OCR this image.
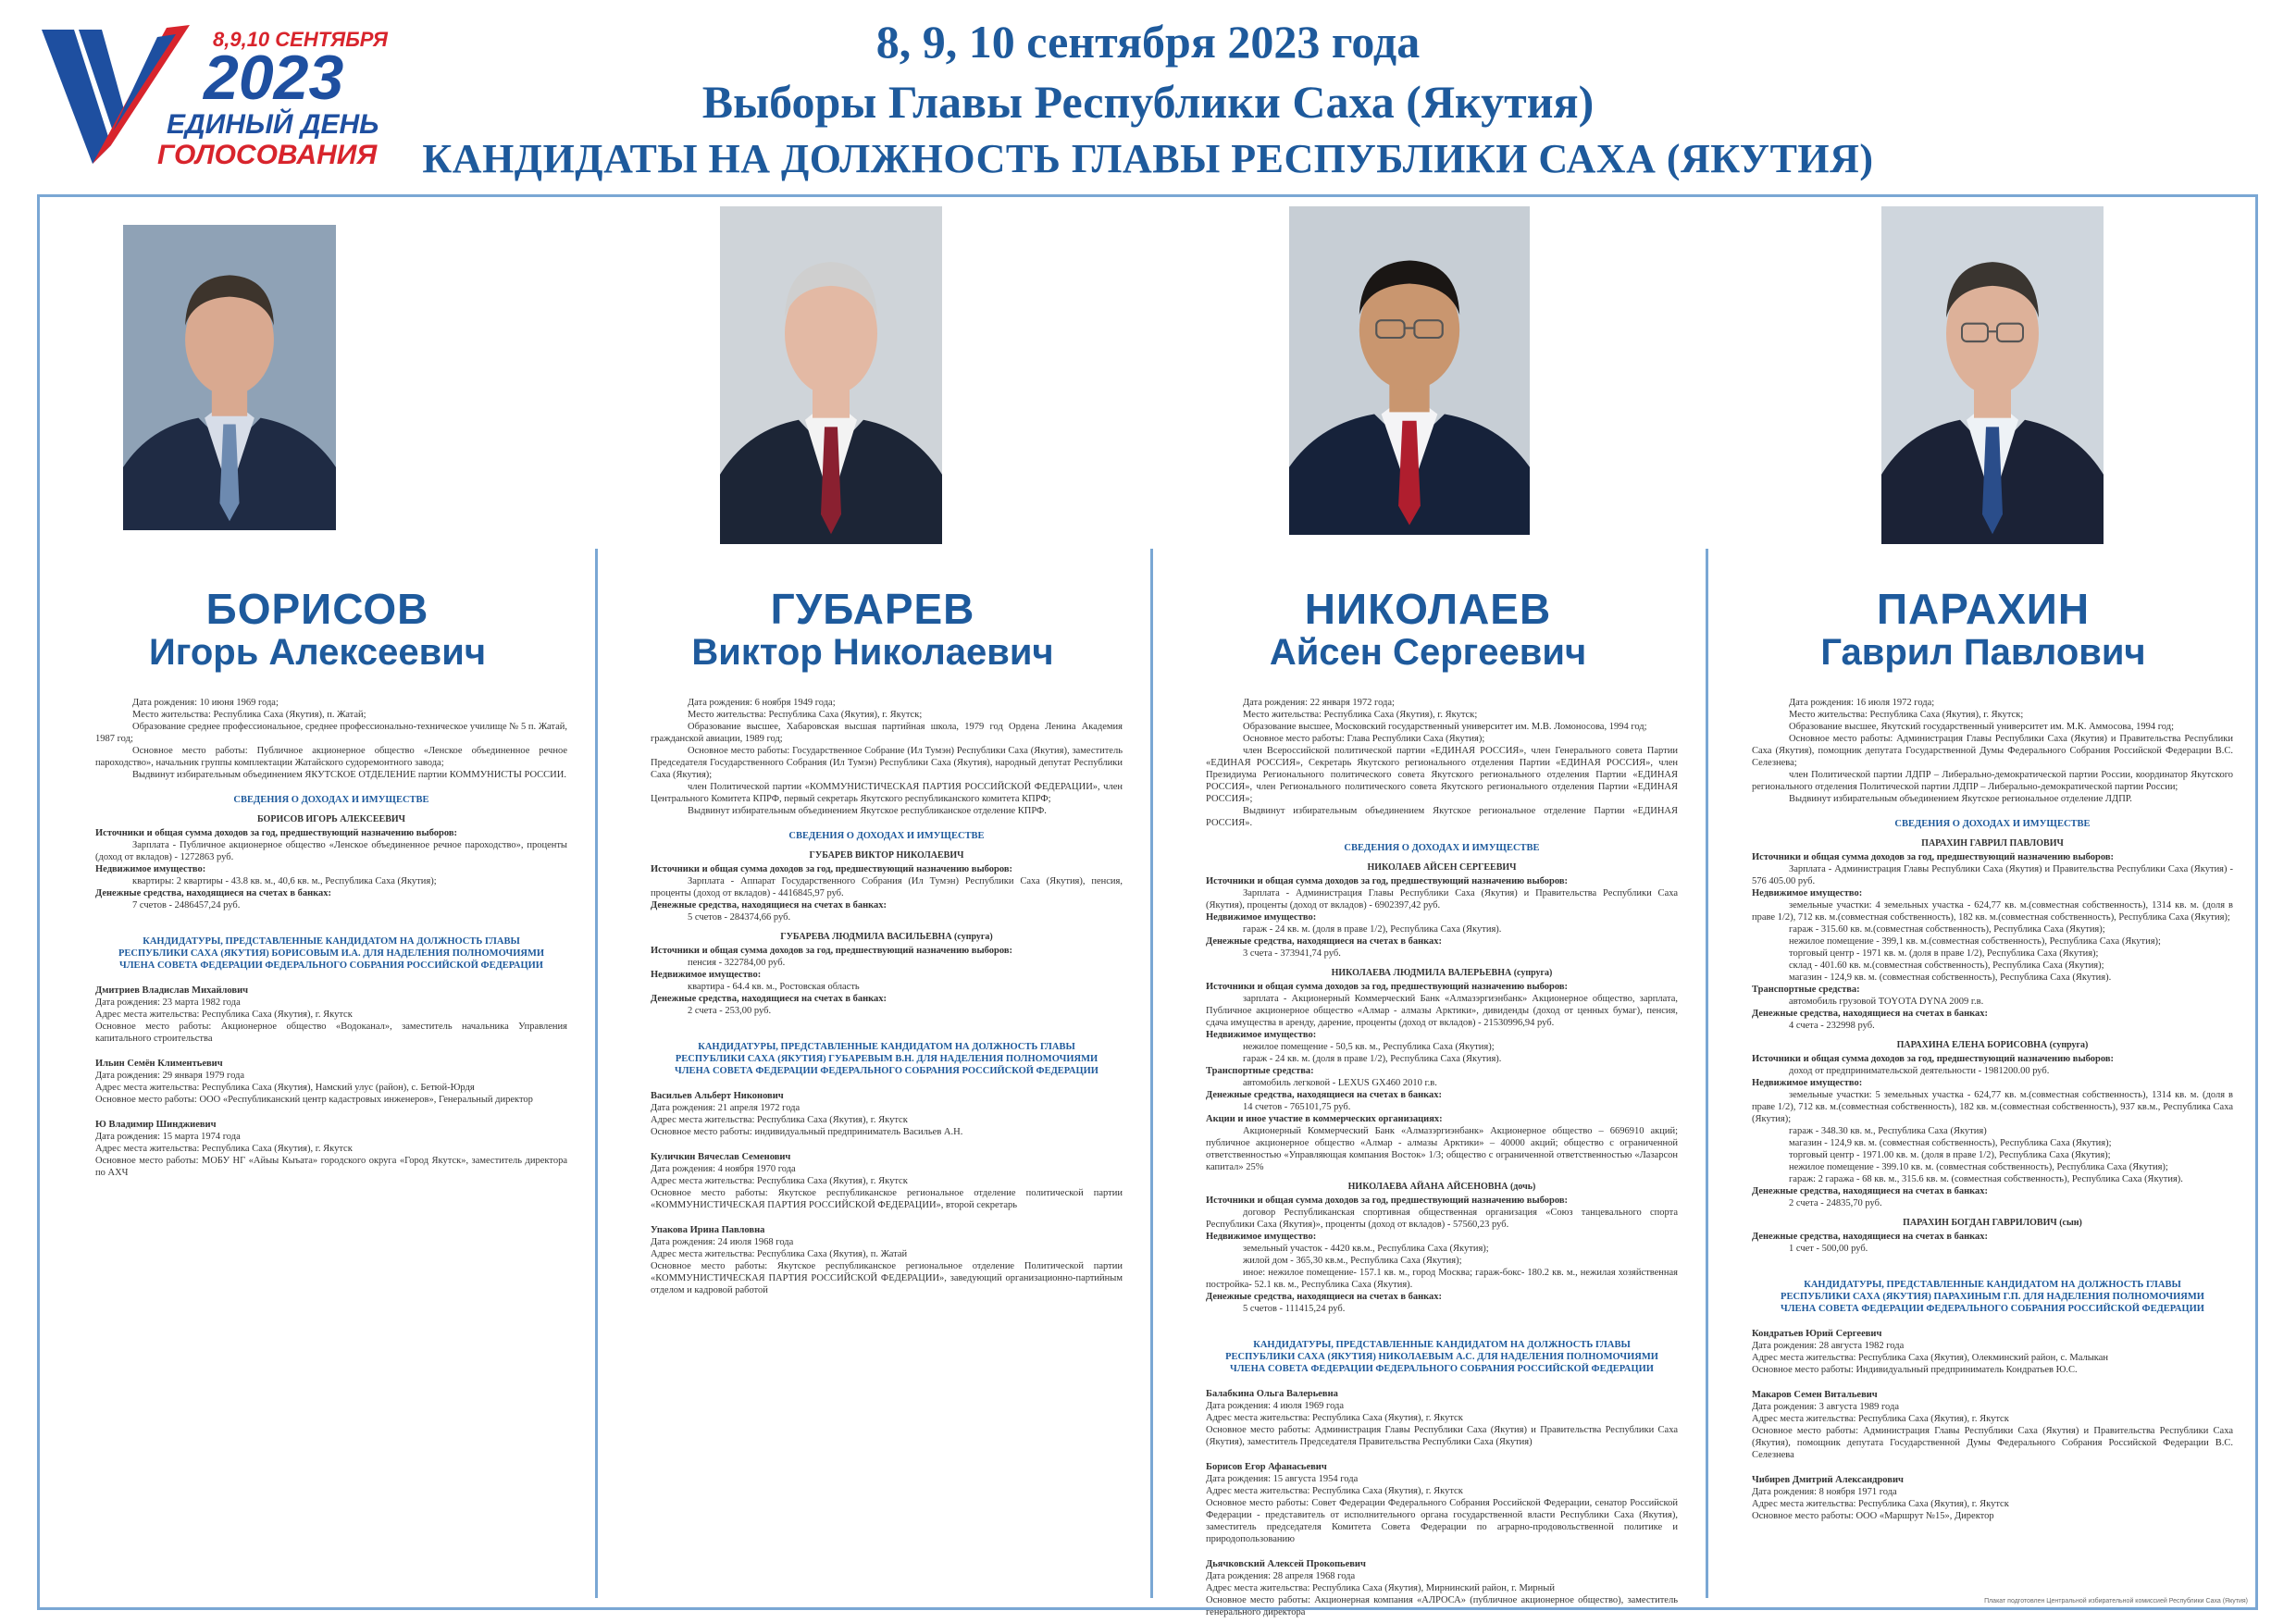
8,9,10 СЕНТЯБРЯ
2023
ЕДИНЫЙ ДЕНЬ
ГОЛОСОВАНИЯ
8, 9, 10 сентября 2023 года
Выборы Главы Республики Саха (Якутия)
КАНДИДАТЫ НА ДОЛЖНОСТЬ ГЛАВЫ РЕСПУБЛИКИ САХА (ЯКУТИЯ)
БОРИСОВ
Игорь Алексеевич

Дата рождения: 10 июня 1969 года;

Место жительства: Республика Саха (Якутия), п. Жатай;

Образование среднее профессиональное, среднее профессионально-техническое училище № 5 п. Жатай, 1987 год;

Основное место работы: Публичное акционерное общество «Ленское объединенное речное пароходство», начальник группы комплектации Жатайского судоремонтного завода;

Выдвинут избирательным объединением ЯКУТСКОЕ ОТДЕЛЕНИЕ партии КОММУНИСТЫ РОССИИ.

СВЕДЕНИЯ О ДОХОДАХ И ИМУЩЕСТВЕ

БОРИСОВ ИГОРЬ АЛЕКСЕЕВИЧ

Источники и общая сумма доходов за год, предшествующий назначению выборов:

Зарплата - Публичное акционерное общество «Ленское объединенное речное пароходство», проценты (доход от вкладов) - 1272863 руб.

Недвижимое имущество:

квартиры: 2 квартиры - 43.8 кв. м., 40,6 кв. м., Республика Саха (Якутия);

Денежные средства, находящиеся на счетах в банках:

7 счетов - 2486457,24 руб.

КАНДИДАТУРЫ, ПРЕДСТАВЛЕННЫЕ КАНДИДАТОМ НА ДОЛЖНОСТЬ ГЛАВЫ РЕСПУБЛИКИ САХА (ЯКУТИЯ) БОРИСОВЫМ И.А. ДЛЯ НАДЕЛЕНИЯ ПОЛНОМОЧИЯМИ ЧЛЕНА СОВЕТА ФЕДЕРАЦИИ ФЕДЕРАЛЬНОГО СОБРАНИЯ РОССИЙСКОЙ ФЕДЕРАЦИИ

Дмитриев Владислав Михайлович

Дата рождения: 23 марта 1982 года

Адрес места жительства: Республика Саха (Якутия), г. Якутск

Основное место работы: Акционерное общество «Водоканал», заместитель начальника Управления капитального строительства

Ильин Семён Климентьевич

Дата рождения: 29 января 1979 года

Адрес места жительства: Республика Саха (Якутия), Намский улус (район), с. Бетюй-Юрдя

Основное место работы: ООО «Республиканский центр кадастровых инженеров», Генеральный директор

Ю Владимир Шинджиевич

Дата рождения: 15 марта 1974 года

Адрес места жительства: Республика Саха (Якутия), г. Якутск

Основное место работы: МОБУ НГ «Айыы Кыъата» городского округа «Город Якутск», заместитель директора по АХЧ

ГУБАРЕВ
Виктор Николаевич

Дата рождения: 6 ноября 1949 года;

Место жительства: Республика Саха (Якутия), г. Якутск;

Образование высшее, Хабаровская высшая партийная школа, 1979 год Ордена Ленина Академия гражданской авиации, 1989 год;

Основное место работы: Государственное Собрание (Ил Тумэн) Республики Саха (Якутия), заместитель Председателя Государственного Собрания (Ил Тумэн) Республики Саха (Якутия), народный депутат Республики Саха (Якутия);

член Политической партии «КОММУНИСТИЧЕСКАЯ ПАРТИЯ РОССИЙСКОЙ ФЕДЕРАЦИИ», член Центрального Комитета КПРФ, первый секретарь Якутского республиканского комитета КПРФ;

Выдвинут избирательным объединением Якутское республиканское отделение КПРФ.

СВЕДЕНИЯ О ДОХОДАХ И ИМУЩЕСТВЕ

ГУБАРЕВ ВИКТОР НИКОЛАЕВИЧ

Источники и общая сумма доходов за год, предшествующий назначению выборов:

Зарплата - Аппарат Государственного Собрания (Ил Тумэн) Республики Саха (Якутия), пенсия, проценты (доход от вкладов) - 4416845,97 руб.

Денежные средства, находящиеся на счетах в банках:

5 счетов - 284374,66 руб.

ГУБАРЕВА ЛЮДМИЛА ВАСИЛЬЕВНА (супруга)

Источники и общая сумма доходов за год, предшествующий назначению выборов:

пенсия - 322784,00 руб.

Недвижимое имущество:

квартира - 64.4 кв. м., Ростовская область

Денежные средства, находящиеся на счетах в банках:

2 счета - 253,00 руб.

КАНДИДАТУРЫ, ПРЕДСТАВЛЕННЫЕ КАНДИДАТОМ НА ДОЛЖНОСТЬ ГЛАВЫ РЕСПУБЛИКИ САХА (ЯКУТИЯ) ГУБАРЕВЫМ В.Н. ДЛЯ НАДЕЛЕНИЯ ПОЛНОМОЧИЯМИ ЧЛЕНА СОВЕТА ФЕДЕРАЦИИ ФЕДЕРАЛЬНОГО СОБРАНИЯ РОССИЙСКОЙ ФЕДЕРАЦИИ

Васильев Альберт Никонович

Дата рождения: 21 апреля 1972 года

Адрес места жительства: Республика Саха (Якутия), г. Якутск

Основное место работы: индивидуальный предприниматель Васильев А.Н.

Куличкин Вячеслав Семенович

Дата рождения: 4 ноября 1970 года

Адрес места жительства: Республика Саха (Якутия), г. Якутск

Основное место работы: Якутское республиканское региональное отделение политической партии «КОММУНИСТИЧЕСКАЯ ПАРТИЯ РОССИЙСКОЙ ФЕДЕРАЦИИ», второй секретарь

Упакова Ирина Павловна

Дата рождения: 24 июля 1968 года

Адрес места жительства: Республика Саха (Якутия), п. Жатай

Основное место работы: Якутское республиканское региональное отделение Политической партии «КОММУНИСТИЧЕСКАЯ ПАРТИЯ РОССИЙСКОЙ ФЕДЕРАЦИИ», заведующий организационно-партийным отделом и кадровой работой

НИКОЛАЕВ
Айсен Сергеевич

Дата рождения: 22 января 1972 года;

Место жительства: Республика Саха (Якутия), г. Якутск;

Образование высшее, Московский государственный университет им. М.В. Ломоносова, 1994 год;

Основное место работы: Глава Республики Саха (Якутия);

член Всероссийской политической партии «ЕДИНАЯ РОССИЯ», член Генерального совета Партии «ЕДИНАЯ РОССИЯ», Секретарь Якутского регионального отделения Партии «ЕДИНАЯ РОССИЯ», член Президиума Регионального политического совета Якутского регионального отделения Партии «ЕДИНАЯ РОССИЯ», член Регионального политического совета Якутского регионального отделения Партии «ЕДИНАЯ РОССИЯ»;

Выдвинут избирательным объединением Якутское региональное отделение Партии «ЕДИНАЯ РОССИЯ».

СВЕДЕНИЯ О ДОХОДАХ И ИМУЩЕСТВЕ

НИКОЛАЕВ АЙСЕН СЕРГЕЕВИЧ

Источники и общая сумма доходов за год, предшествующий назначению выборов:

Зарплата - Администрация Главы Республики Саха (Якутия) и Правительства Республики Саха (Якутия), проценты (доход от вкладов) - 6902397,42 руб.

Недвижимое имущество:

гараж - 24 кв. м. (доля в праве 1/2), Республика Саха (Якутия).

Денежные средства, находящиеся на счетах в банках:

3 счета - 373941,74 руб.

НИКОЛАЕВА ЛЮДМИЛА ВАЛЕРЬЕВНА (супруга)

Источники и общая сумма доходов за год, предшествующий назначению выборов:

зарплата - Акционерный Коммерческий Банк «Алмазэргиэнбанк» Акционерное общество, зарплата, Публичное акционерное общество «Алмар - алмазы Арктики», дивиденды (доход от ценных бумаг), пенсия, сдача имущества в аренду, дарение, проценты (доход от вкладов) - 21530996,94 руб.

Недвижимое имущество:

нежилое помещение - 50,5 кв. м., Республика Саха (Якутия);

гараж - 24 кв. м. (доля в праве 1/2), Республика Саха (Якутия).

Транспортные средства:

автомобиль легковой - LEXUS GX460 2010 г.в.

Денежные средства, находящиеся на счетах в банках:

14 счетов - 765101,75 руб.

Акции и иное участие в коммерческих организациях:

Акционерный Коммерческий Банк «Алмазэргиэнбанк» Акционерное общество – 6696910 акций; публичное акционерное общество «Алмар - алмазы Арктики» – 40000 акций; общество с ограниченной ответственностью «Управляющая компания Восток» 1/3; общество с ограниченной ответственностью «Лазарсон капитал» 25%

НИКОЛАЕВА АЙАНА АЙСЕНОВНА (дочь)

Источники и общая сумма доходов за год, предшествующий назначению выборов:

договор Республиканская спортивная общественная организация «Союз танцевального спорта Республики Саха (Якутия)», проценты (доход от вкладов) - 57560,23 руб.

Недвижимое имущество:

земельный участок - 4420 кв.м., Республика Саха (Якутия);

жилой дом - 365,30 кв.м., Республика Саха (Якутия);

иное: нежилое помещение- 157.1 кв. м., город Москва; гараж-бокс- 180.2 кв. м., нежилая хозяйственная постройка- 52.1 кв. м., Республика Саха (Якутия).

Денежные средства, находящиеся на счетах в банках:

5 счетов - 111415,24 руб.

КАНДИДАТУРЫ, ПРЕДСТАВЛЕННЫЕ КАНДИДАТОМ НА ДОЛЖНОСТЬ ГЛАВЫ РЕСПУБЛИКИ САХА (ЯКУТИЯ) НИКОЛАЕВЫМ А.С. ДЛЯ НАДЕЛЕНИЯ ПОЛНОМОЧИЯМИ ЧЛЕНА СОВЕТА ФЕДЕРАЦИИ ФЕДЕРАЛЬНОГО СОБРАНИЯ РОССИЙСКОЙ ФЕДЕРАЦИИ

Балабкина Ольга Валерьевна

Дата рождения: 4 июля 1969 года

Адрес места жительства: Республика Саха (Якутия), г. Якутск

Основное место работы: Администрация Главы Республики Саха (Якутия) и Правительства Республики Саха (Якутия), заместитель Председателя Правительства Республики Саха (Якутия)

Борисов Егор Афанасьевич

Дата рождения: 15 августа 1954 года

Адрес места жительства: Республика Саха (Якутия), г. Якутск

Основное место работы: Совет Федерации Федерального Собрания Российской Федерации, сенатор Российской Федерации - представитель от исполнительного органа государственной власти Республики Саха (Якутия), заместитель председателя Комитета Совета Федерации по аграрно-продовольственной политике и природопользованию

Дьячковский Алексей Прокопьевич

Дата рождения: 28 апреля 1968 года

Адрес места жительства: Республика Саха (Якутия), Мирнинский район, г. Мирный

Основное место работы: Акционерная компания «АЛРОСА» (публичное акционерное общество), заместитель генерального директора

ПАРАХИН
Гаврил Павлович

Дата рождения: 16 июля 1972 года;

Место жительства: Республика Саха (Якутия), г. Якутск;

Образование высшее, Якутский государственный университет им. М.К. Аммосова, 1994 год;

Основное место работы: Администрация Главы Республики Саха (Якутия) и Правительства Республики Саха (Якутия), помощник депутата Государственной Думы Федерального Собрания Российской Федерации В.С. Селезнева;

член Политической партии ЛДПР – Либерально-демократической партии России, координатор Якутского регионального отделения Политической партии ЛДПР – Либерально-демократической партии России;

Выдвинут избирательным объединением Якутское региональное отделение ЛДПР.

СВЕДЕНИЯ О ДОХОДАХ И ИМУЩЕСТВЕ

ПАРАХИН ГАВРИЛ ПАВЛОВИЧ

Источники и общая сумма доходов за год, предшествующий назначению выборов:

Зарплата - Администрация Главы Республики Саха (Якутия) и Правительства Республики Саха (Якутия) - 576 405.00 руб.

Недвижимое имущество:

земельные участки: 4 земельных участка - 624,77 кв. м.(совместная собственность), 1314 кв. м. (доля в праве 1/2), 712 кв. м.(совместная собственность), 182 кв. м.(совместная собственность), Республика Саха (Якутия);

гараж - 315.60 кв. м.(совместная собственность), Республика Саха (Якутия);

нежилое помещение - 399,1 кв. м.(совместная собственность), Республика Саха (Якутия);

торговый центр - 1971 кв. м. (доля в праве 1/2), Республика Саха (Якутия);

склад - 401.60 кв. м.(совместная собственность), Республика Саха (Якутия);

магазин - 124,9 кв. м. (совместная собственность), Республика Саха (Якутия).

Транспортные средства:

автомобиль грузовой TOYOTA DYNA 2009 г.в.

Денежные средства, находящиеся на счетах в банках:

4 счета - 232998 руб.

ПАРАХИНА ЕЛЕНА БОРИСОВНА (супруга)

Источники и общая сумма доходов за год, предшествующий назначению выборов:

доход от предпринимательской деятельности - 1981200.00 руб.

Недвижимое имущество:

земельные участки: 5 земельных участка - 624,77 кв. м.(совместная собственность), 1314 кв. м. (доля в праве 1/2), 712 кв. м.(совместная собственность), 182 кв. м.(совместная собственность), 937 кв.м., Республика Саха (Якутия);

гараж - 348.30 кв. м., Республика Саха (Якутия)

магазин - 124,9 кв. м. (совместная собственность), Республика Саха (Якутия);

торговый центр - 1971.00 кв. м. (доля в праве 1/2), Республика Саха (Якутия);

нежилое помещение - 399.10 кв. м. (совместная собственность), Республика Саха (Якутия);

гараж: 2 гаража - 68 кв. м., 315.6 кв. м. (совместная собственность), Республика Саха (Якутия).

Денежные средства, находящиеся на счетах в банках:

2 счета - 24835,70 руб.

ПАРАХИН БОГДАН ГАВРИЛОВИЧ (сын)

Денежные средства, находящиеся на счетах в банках:

1 счет - 500,00 руб.

КАНДИДАТУРЫ, ПРЕДСТАВЛЕННЫЕ КАНДИДАТОМ НА ДОЛЖНОСТЬ ГЛАВЫ РЕСПУБЛИКИ САХА (ЯКУТИЯ) ПАРАХИНЫМ Г.П. ДЛЯ НАДЕЛЕНИЯ ПОЛНОМОЧИЯМИ ЧЛЕНА СОВЕТА ФЕДЕРАЦИИ ФЕДЕРАЛЬНОГО СОБРАНИЯ РОССИЙСКОЙ ФЕДЕРАЦИИ

Кондратьев Юрий Сергеевич

Дата рождения: 28 августа 1982 года

Адрес места жительства: Республика Саха (Якутия), Олекминский район, с. Малыкан

Основное место работы: Индивидуальный предприниматель Кондратьев Ю.С.

Макаров Семен Витальевич

Дата рождения: 3 августа 1989 года

Адрес места жительства: Республика Саха (Якутия), г. Якутск

Основное место работы: Администрация Главы Республики Саха (Якутия) и Правительства Республики Саха (Якутия), помощник депутата Государственной Думы Федерального Собрания Российской Федерации В.С. Селезнева

Чибирев Дмитрий Александрович

Дата рождения: 8 ноября 1971 года

Адрес места жительства: Республика Саха (Якутия), г. Якутск

Основное место работы: ООО «Маршрут №15», Директор

Плакат подготовлен Центральной избирательной комиссией Республики Саха (Якутия)
